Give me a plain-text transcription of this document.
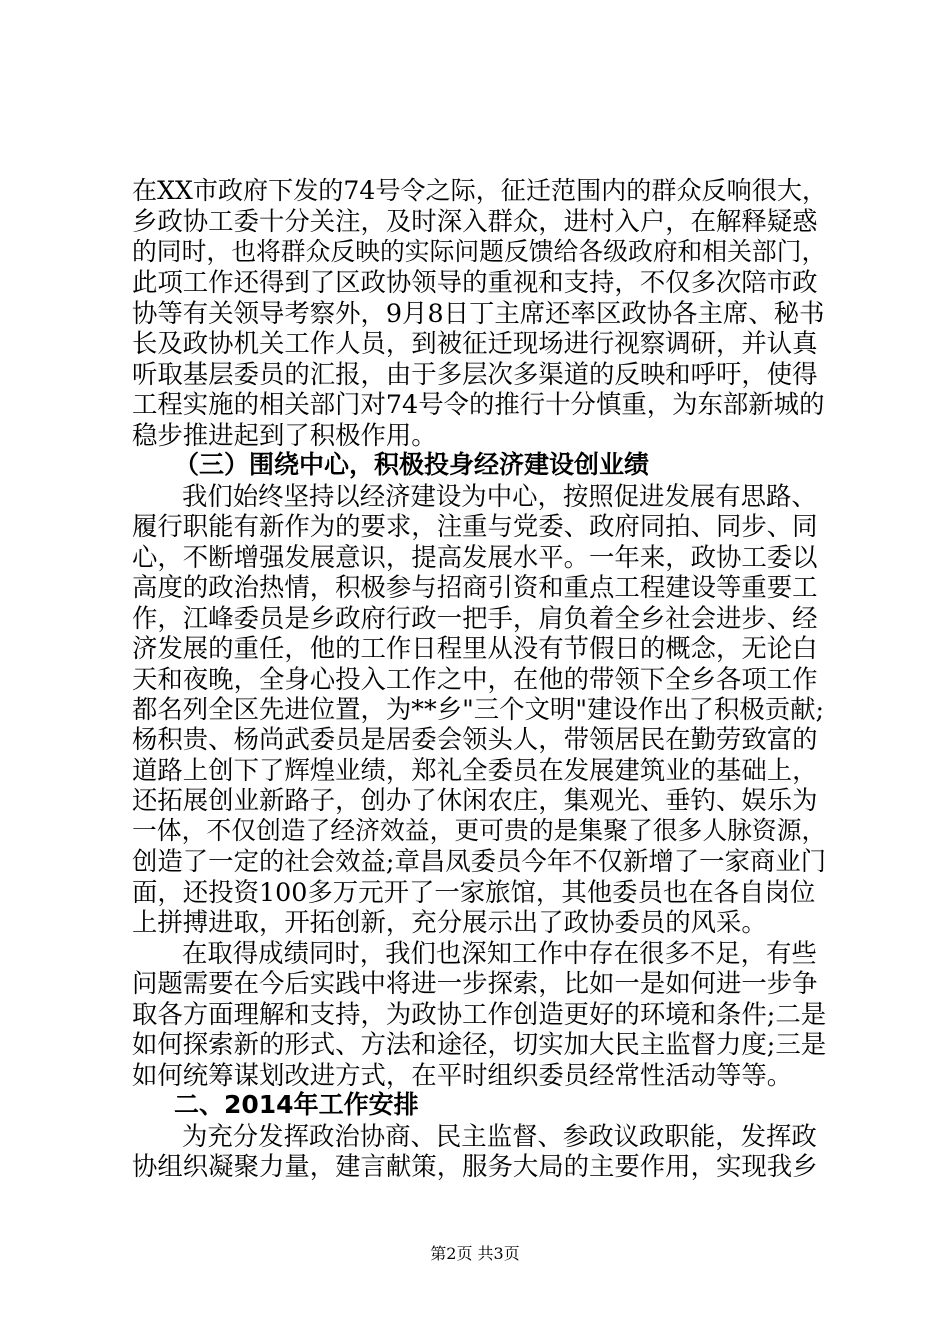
在XX市政府下发的74号令之际，征迁范围内的群众反响很大，
乡政协工委十分关注，及时深入群众，进村入户，在解释疑惑
的同时，也将群众反映的实际问题反馈给各级政府和相关部门，
此项工作还得到了区政协领导的重视和支持，不仅多次陪市政
协等有关领导考察外，9月8日丁主席还率区政协各主席、秘书
长及政协机关工作人员，到被征迁现场进行视察调研，并认真
听取基层委员的汇报，由于多层次多渠道的反映和呼吁，使得
工程实施的相关部门对74号令的推行十分慎重，为东部新城的
稳步推进起到了积极作用。
（三）围绕中心，积极投身经济建设创业绩
我们始终坚持以经济建设为中心，按照促进发展有思路、
履行职能有新作为的要求，注重与党委、政府同拍、同步、同
心，不断增强发展意识，提高发展水平。一年来，政协工委以
高度的政治热情，积极参与招商引资和重点工程建设等重要工
作，江峰委员是乡政府行政一把手，肩负着全乡社会进步、经
济发展的重任，他的工作日程里从没有节假日的概念，无论白
天和夜晚，全身心投入工作之中，在他的带领下全乡各项工作
都名列全区先进位置，为**乡"三个文明"建设作出了积极贡献;
杨积贵、杨尚武委员是居委会领头人，带领居民在勤劳致富的
道路上创下了辉煌业绩，郑礼全委员在发展建筑业的基础上，
还拓展创业新路子，创办了休闲农庄，集观光、垂钓、娱乐为
一体，不仅创造了经济效益，更可贵的是集聚了很多人脉资源，
创造了一定的社会效益;章昌凤委员今年不仅新增了一家商业门
面，还投资100多万元开了一家旅馆，其他委员也在各自岗位
上拼搏进取，开拓创新，充分展示出了政协委员的风采。
在取得成绩同时，我们也深知工作中存在很多不足，有些
问题需要在今后实践中将进一步探索，比如一是如何进一步争
取各方面理解和支持，为政协工作创造更好的环境和条件;二是
如何探索新的形式、方法和途径，切实加大民主监督力度;三是
如何统筹谋划改进方式，在平时组织委员经常性活动等等。
二、2014年工作安排
为充分发挥政治协商、民主监督、参政议政职能，发挥政
协组织凝聚力量，建言献策，服务大局的主要作用，实现我乡
第2页 共3页
